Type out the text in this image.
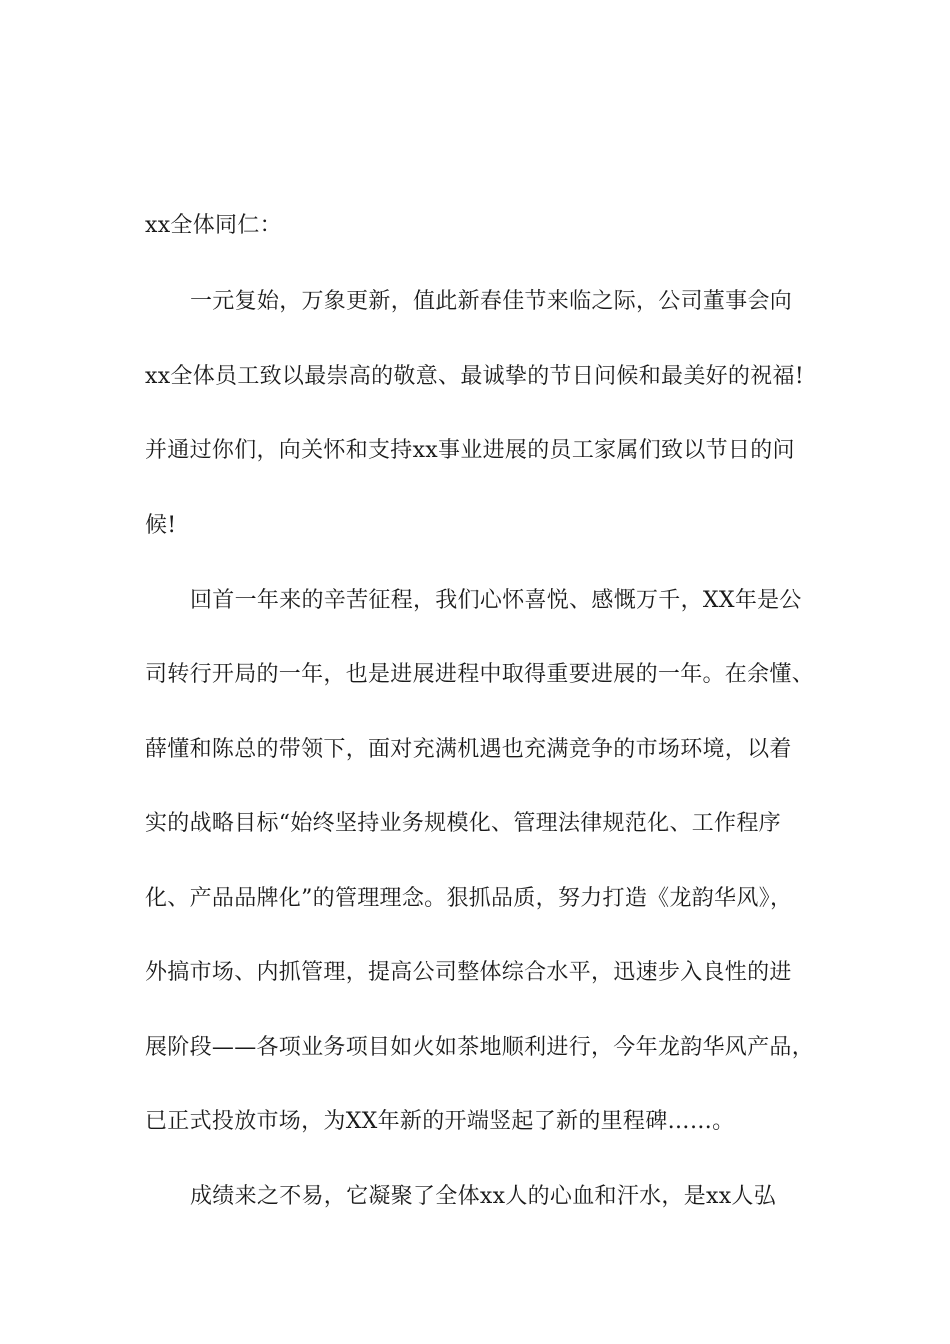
xx全体同仁：
一元复始，万象更新，值此新春佳节来临之际，公司董事会向
xx全体员工致以最崇高的敬意、最诚挚的节日问候和最美好的祝福!
并通过你们，向关怀和支持xx事业进展的员工家属们致以节日的问
候!
回首一年来的辛苦征程，我们心怀喜悦、感慨万千，XX年是公
司转行开局的一年，也是进展进程中取得重要进展的一年。在余懂、
薛懂和陈总的带领下，面对充满机遇也充满竞争的市场环境，以着
实的战略目标“始终坚持业务规模化、管理法律规范化、工作程序
化、产品品牌化”的管理理念。狠抓品质，努力打造《龙韵华风》，
外搞市场、内抓管理，提高公司整体综合水平，迅速步入良性的进
展阶段——各项业务项目如火如茶地顺利进行，今年龙韵华风产品，
已正式投放市场，为XX年新的开端竖起了新的里程碑……。
成绩来之不易，它凝聚了全体xx人的心血和汗水，是xx人弘
